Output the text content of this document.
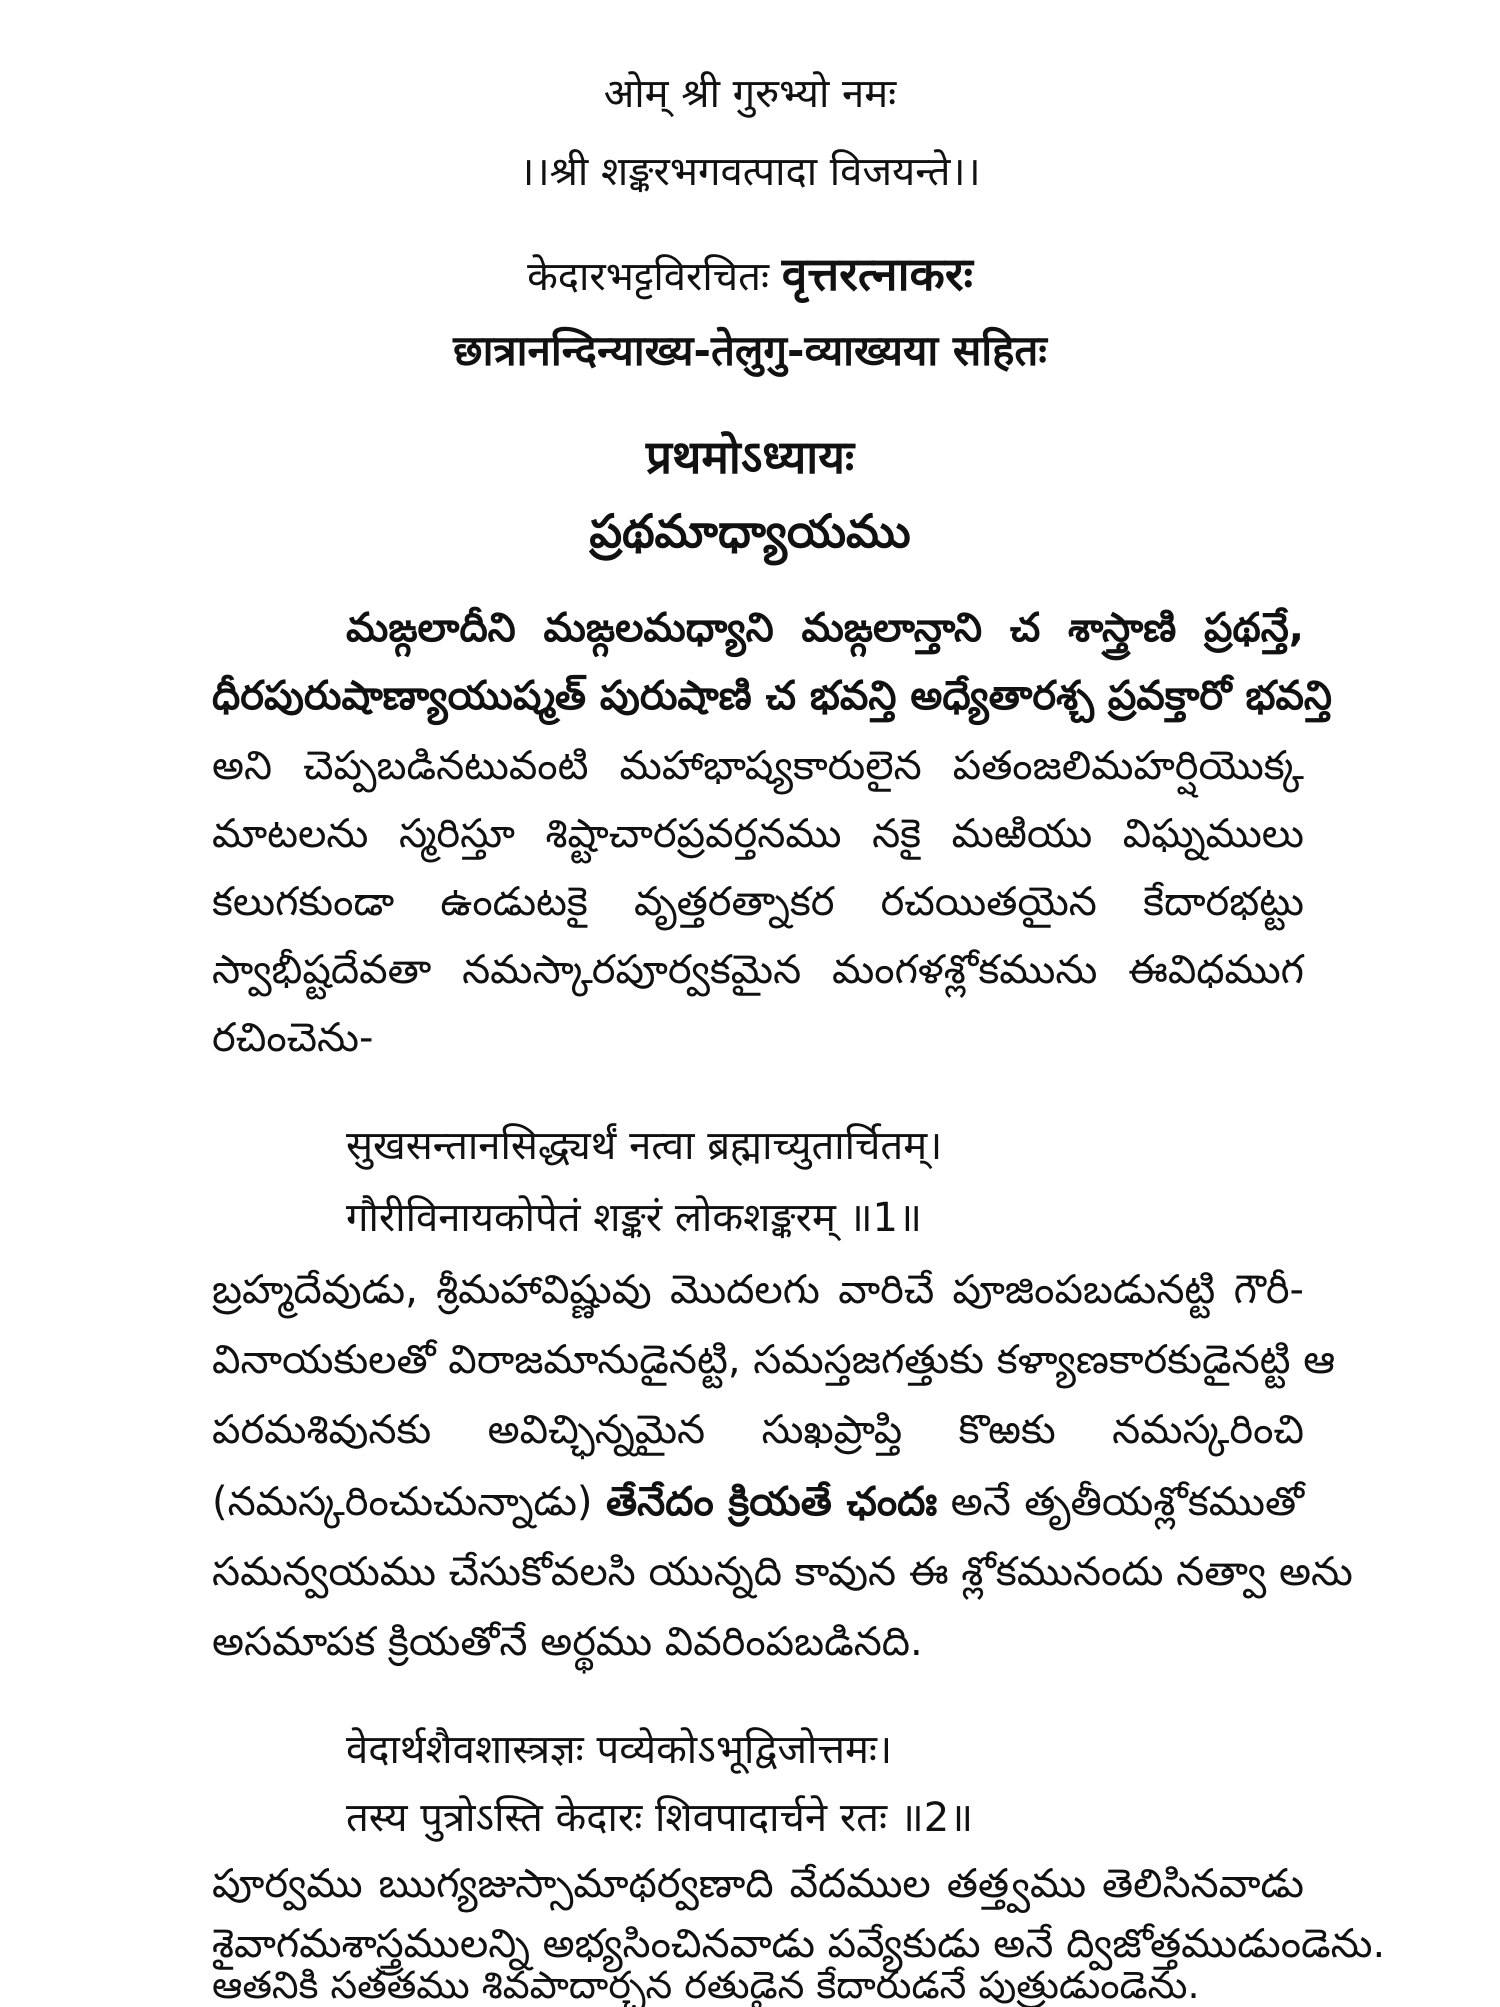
ओम् श्री गुरुभ्यो नमः
।।श्री शङ्करभगवत्पादा विजयन्ते।।
केदारभट्टविरचितः वृत्तरत्नाकरः
छात्रानन्दिन्याख्य-तेलुगु-व्याख्यया सहितः
प्रथमोऽध्यायः
ప్రథమాధ్యాయము
మఙ్గలాదీని మఙ్గలమధ్యాని మఙ్గలాన్తాని చ శాస్త్రాణి ప్రథన్తే,
ధీరపురుషాణ్యాయుష్మత్ పురుషాణి చ భవన్తి అధ్యేతారశ్చ ప్రవక్తారో భవన్తి
అని చెప్పబడినటువంటి మహాభాష్యకారులైన పతంజలిమహర్షియొక్క
మాటలను స్మరిస్తూ శిష్టాచారప్రవర్తనము నకై మఱియు విఘ్నములు
కలుగకుండా ఉండుటకై వృత్తరత్నాకర రచయితయైన కేదారభట్టు
స్వాభీష్టదేవతా నమస్కారపూర్వకమైన మంగళశ్లోకమును ఈవిధముగ
రచించెను-
सुखसन्तानसिद्ध्यर्थं नत्वा ब्रह्माच्युतार्चितम्।
गौरीविनायकोपेतं शङ्करं लोकशङ्करम् ॥1॥
బ్రహ్మదేవుడు, శ్రీమహావిష్ణువు మొదలగు వారిచే పూజింపబడునట్టి గౌరీ-
వినాయకులతో విరాజమానుడైనట్టి, సమస్తజగత్తుకు కళ్యాణకారకుడైనట్టి ఆ
పరమశివునకు అవిచ్ఛిన్నమైన సుఖప్రాప్తి కొఱకు నమస్కరించి
(నమస్కరించుచున్నాడు) తేనేదం క్రియతే ఛందః అనే తృతీయశ్లోకముతో
సమన్వయము చేసుకోవలసి యున్నది కావున ఈ శ్లోకమునందు నత్వా అను
అసమాపక క్రియతోనే అర్థము వివరింపబడినది.
वेदार्थशैवशास्त्रज्ञः पव्येकोऽभूद्विजोत्तमः।
तस्य पुत्रोऽस्ति केदारः शिवपादार्चने रतः ॥2॥
పూర్వము ఋగ్యజుస్సామాథర్వణాది వేదముల తత్త్వము తెలిసినవాడు
శైవాగమశాస్త్రములన్ని అభ్యసించినవాడు పవ్యేకుడు అనే ద్విజోత్తముడుండెను.
ఆతనికి సతతము శివపాదార్చన రతుడైన కేదారుడనే పుత్రుడుండెను.
